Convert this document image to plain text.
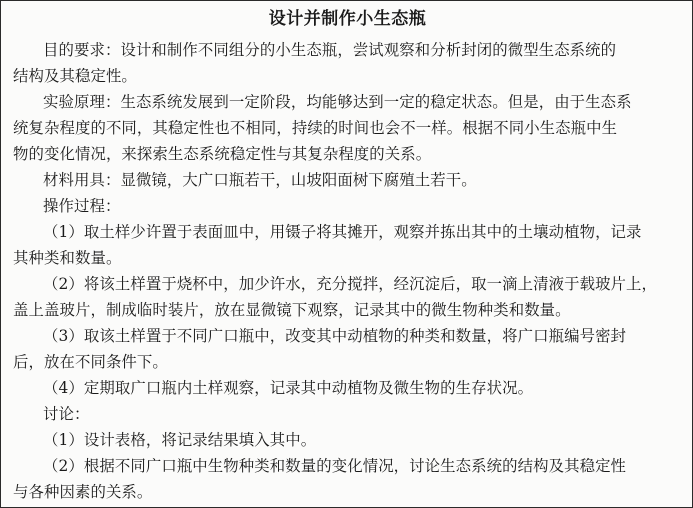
设计并制作小生态瓶
目的要求：设计和制作不同组分的小生态瓶，尝试观察和分析封闭的微型生态系统的
结构及其稳定性。
实验原理：生态系统发展到一定阶段，均能够达到一定的稳定状态。但是，由于生态系
统复杂程度的不同，其稳定性也不相同，持续的时间也会不一样。根据不同小生态瓶中生
物的变化情况，来探索生态系统稳定性与其复杂程度的关系。
材料用具：显微镜，大广口瓶若干，山坡阳面树下腐殖土若干。
操作过程：
（1）取土样少许置于表面皿中，用镊子将其摊开，观察并拣出其中的土壤动植物，记录
其种类和数量。
（2）将该土样置于烧杯中，加少许水，充分搅拌，经沉淀后，取一滴上清液于载玻片上，
盖上盖玻片，制成临时装片，放在显微镜下观察，记录其中的微生物种类和数量。
（3）取该土样置于不同广口瓶中，改变其中动植物的种类和数量，将广口瓶编号密封
后，放在不同条件下。
（4）定期取广口瓶内土样观察，记录其中动植物及微生物的生存状况。
讨论：
（1）设计表格，将记录结果填入其中。
（2）根据不同广口瓶中生物种类和数量的变化情况，讨论生态系统的结构及其稳定性
与各种因素的关系。
